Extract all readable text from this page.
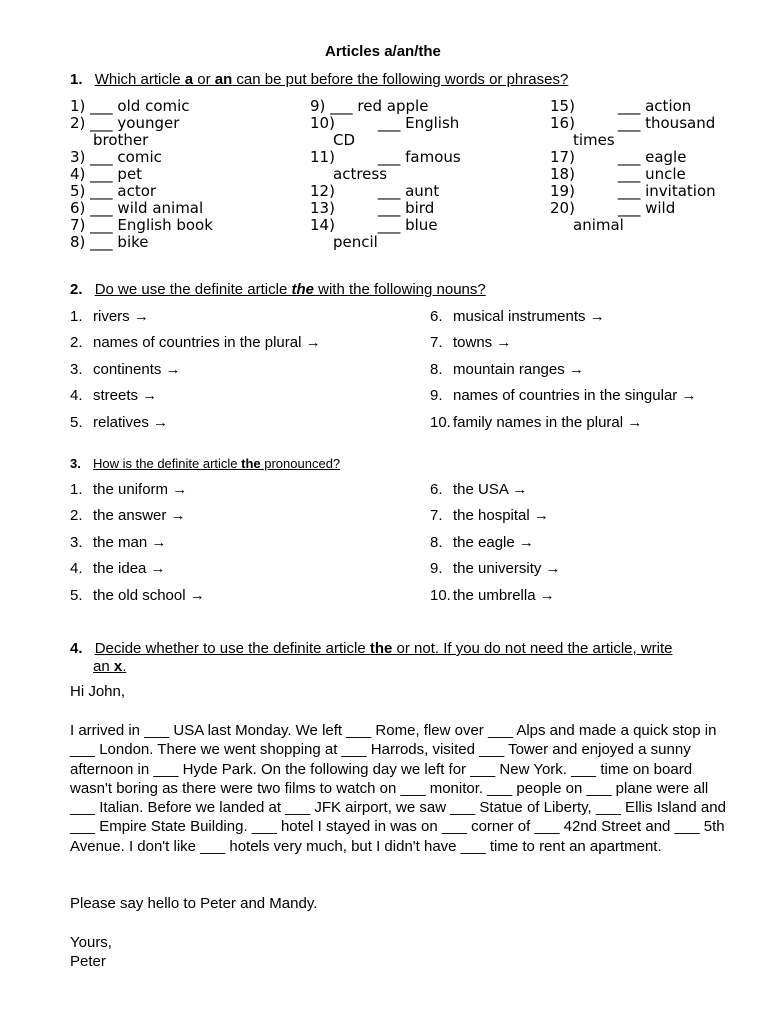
Articles a/an/the
1. Which article a or an can be put before the following words or phrases?
1) ___ old comic
2) ___ younger
brother
3) ___ comic
4) ___ pet
5) ___ actor
6) ___ wild animal
7) ___ English book
8) ___ bike
9) ___ red apple
10)         ___ English
CD
11)         ___ famous
actress
12)         ___ aunt
13)         ___ bird
14)         ___ blue
pencil
15)         ___ action
16)         ___ thousand
times
17)         ___ eagle
18)         ___ uncle
19)         ___ invitation
20)         ___ wild
animal
2. Do we use the definite article the with the following nouns?
1. rivers →
2. names of countries in the plural →
3. continents →
4. streets →
5. relatives →
6. musical instruments →
7. towns →
8. mountain ranges →
9. names of countries in the singular →
10. family names in the plural →
3. How is the definite article the pronounced?
1. the uniform →
2. the answer →
3. the man →
4. the idea →
5. the old school →
6. the USA →
7. the hospital →
8. the eagle →
9. the university →
10. the umbrella →
4. Decide whether to use the definite article the or not. If you do not need the article, write
an x.
Hi John,
I arrived in ___ USA last Monday. We left ___ Rome, flew over ___ Alps and made a quick stop in ___ London. There we went shopping at ___ Harrods, visited ___ Tower and enjoyed a sunny afternoon in ___ Hyde Park. On the following day we left for ___ New York. ___ time on board wasn't boring as there were two films to watch on ___ monitor. ___ people on ___ plane were all ___ Italian. Before we landed at ___ JFK airport, we saw ___ Statue of Liberty, ___ Ellis Island and ___ Empire State Building. ___ hotel I stayed in was on ___ corner of ___ 42nd Street and ___ 5th Avenue. I don't like ___ hotels very much, but I didn't have ___ time to rent an apartment.
Please say hello to Peter and Mandy.
Yours,
Peter
